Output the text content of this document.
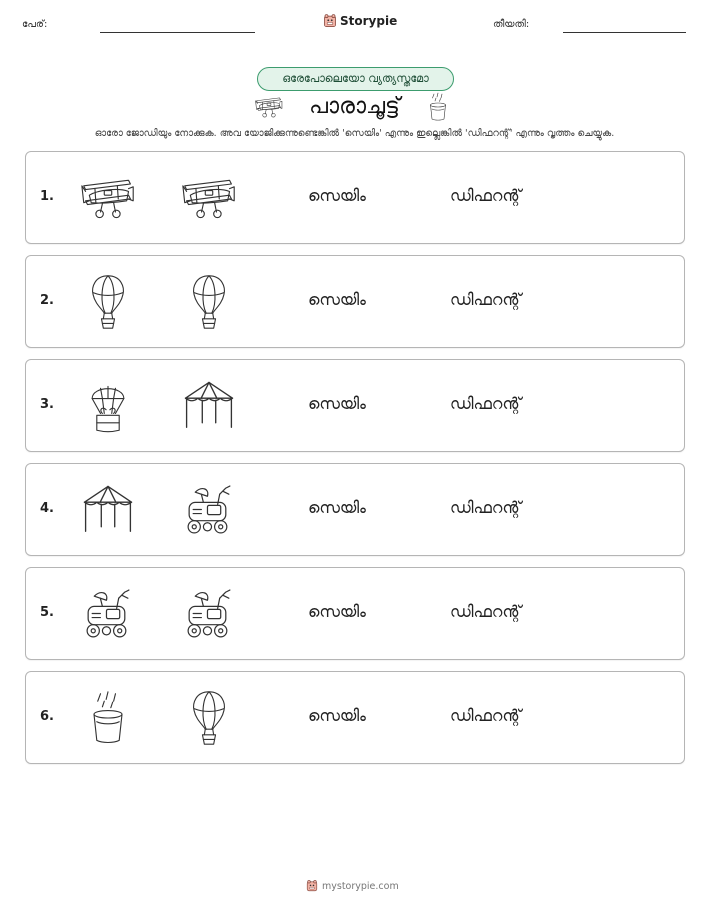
പേര്:	Storypie	തീയതി:
ഒരേപോലെയോ വ്യത്യസ്തമോ
പാരാചൂട്ട്
ഓരോ ജോഡിയും നോക്കുക. അവ യോജിക്കുന്നുണ്ടെങ്കിൽ 'സെയിം' എന്നും ഇല്ലെങ്കിൽ 'ഡിഫറന്റ്' എന്നും വൃത്തം ചെയ്യുക.
1.	സെയിം	ഡിഫറന്റ്
2.	സെയിം	ഡിഫറന്റ്
3.	സെയിം	ഡിഫറന്റ്
4.	സെയിം	ഡിഫറന്റ്
5.	സെയിം	ഡിഫറന്റ്
6.	സെയിം	ഡിഫറന്റ്
mystorypie.com
